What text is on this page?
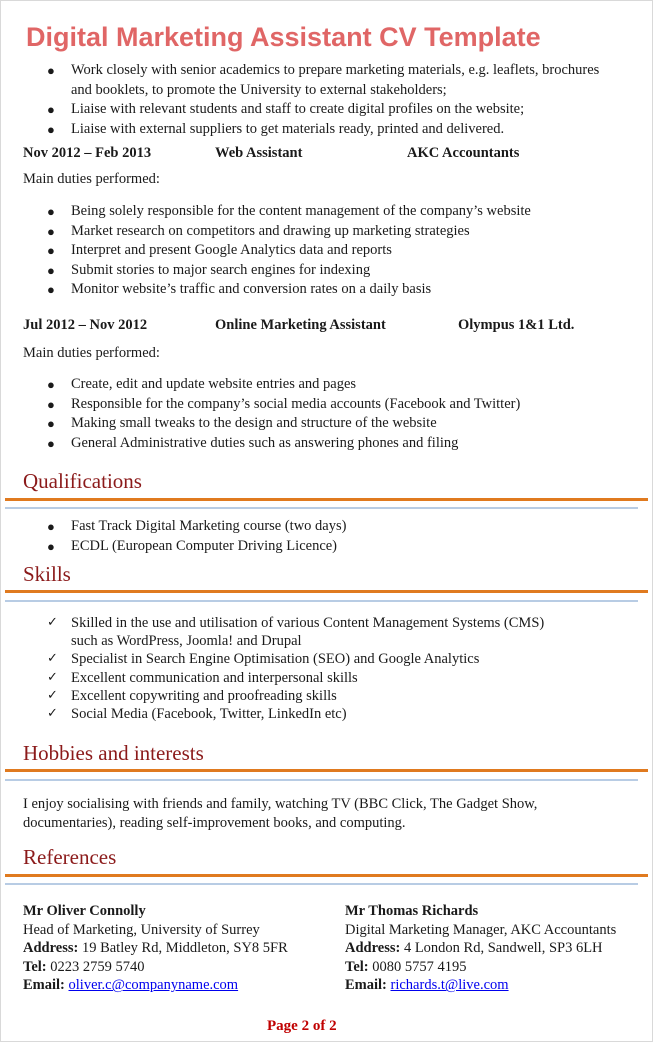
Digital Marketing Assistant CV Template
●	Work closely with senior academics to prepare marketing materials, e.g. leaflets, brochures and booklets, to promote the University to external stakeholders;
●	Liaise with relevant students and staff to create digital profiles on the website;
●	Liaise with external suppliers to get materials ready, printed and delivered.
Nov 2012 – Feb 2013	Web Assistant	AKC Accountants
Main duties performed:
●	Being solely responsible for the content management of the company’s website
●	Market research on competitors and drawing up marketing strategies
●	Interpret and present Google Analytics data and reports
●	Submit stories to major search engines for indexing
●	Monitor website’s traffic and conversion rates on a daily basis
Jul 2012 – Nov 2012	Online Marketing Assistant	Olympus 1&1 Ltd.
Main duties performed:
●	Create, edit and update website entries and pages
●	Responsible for the company’s social media accounts (Facebook and Twitter)
●	Making small tweaks to the design and structure of the website
●	General Administrative duties such as answering phones and filing
Qualifications
●	Fast Track Digital Marketing course (two days)
●	ECDL (European Computer Driving Licence)
Skills
✓ Skilled in the use and utilisation of various Content Management Systems (CMS) such as WordPress, Joomla! and Drupal
✓ Specialist in Search Engine Optimisation (SEO) and Google Analytics
✓ Excellent communication and interpersonal skills
✓ Excellent copywriting and proofreading skills
✓ Social Media (Facebook, Twitter, LinkedIn etc)
Hobbies and interests
I enjoy socialising with friends and family, watching TV (BBC Click, The Gadget Show, documentaries), reading self-improvement books, and computing.
References
Mr Oliver Connolly
Head of Marketing, University of Surrey
Address: 19 Batley Rd, Middleton, SY8 5FR
Tel: 0223 2759 5740
Email: oliver.c@companyname.com
Mr Thomas Richards
Digital Marketing Manager, AKC Accountants
Address: 4 London Rd, Sandwell, SP3 6LH
Tel: 0080 5757 4195
Email: richards.t@live.com
Page 2 of 2
